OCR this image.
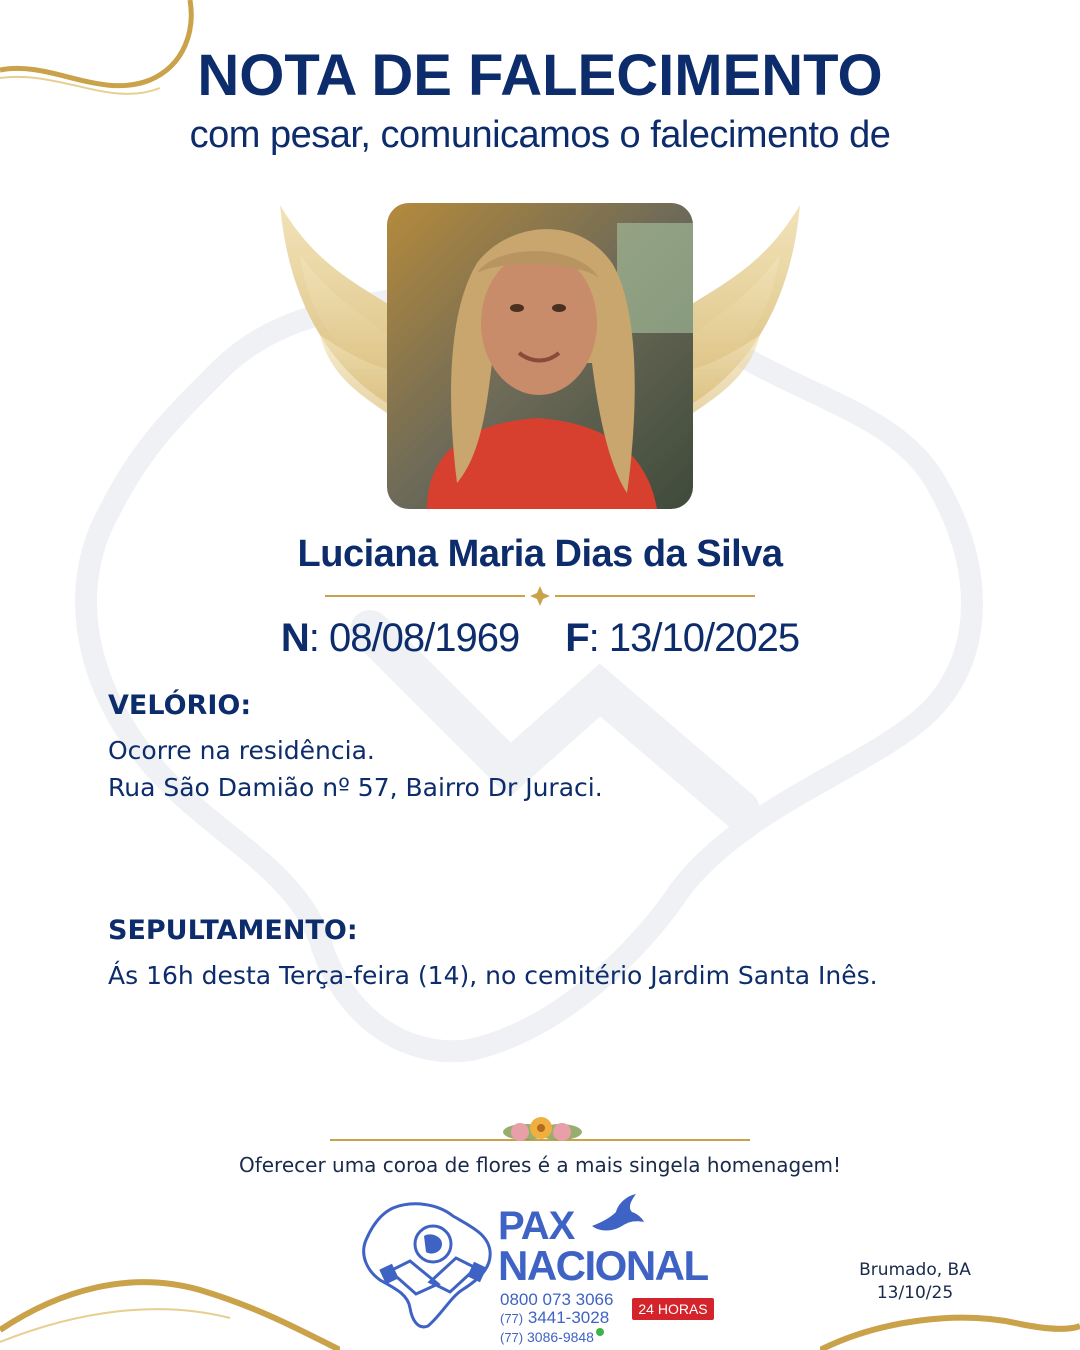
NOTA DE FALECIMENTO
com pesar, comunicamos o falecimento de
Luciana Maria Dias da Silva
N: 08/08/1969 F: 13/10/2025
VELÓRIO:
Ocorre na residência.
Rua São Damião nº 57, Bairro Dr Juraci.
SEPULTAMENTO:
Ás 16h desta Terça-feira (14), no cemitério Jardim Santa Inês.
Oferecer uma coroa de flores é a mais singela homenagem!
PAX
NACIONAL
0800 073 3066
(77) 3441-3028
(77) 3086-9848
24 HORAS
Brumado, BA
13/10/25
